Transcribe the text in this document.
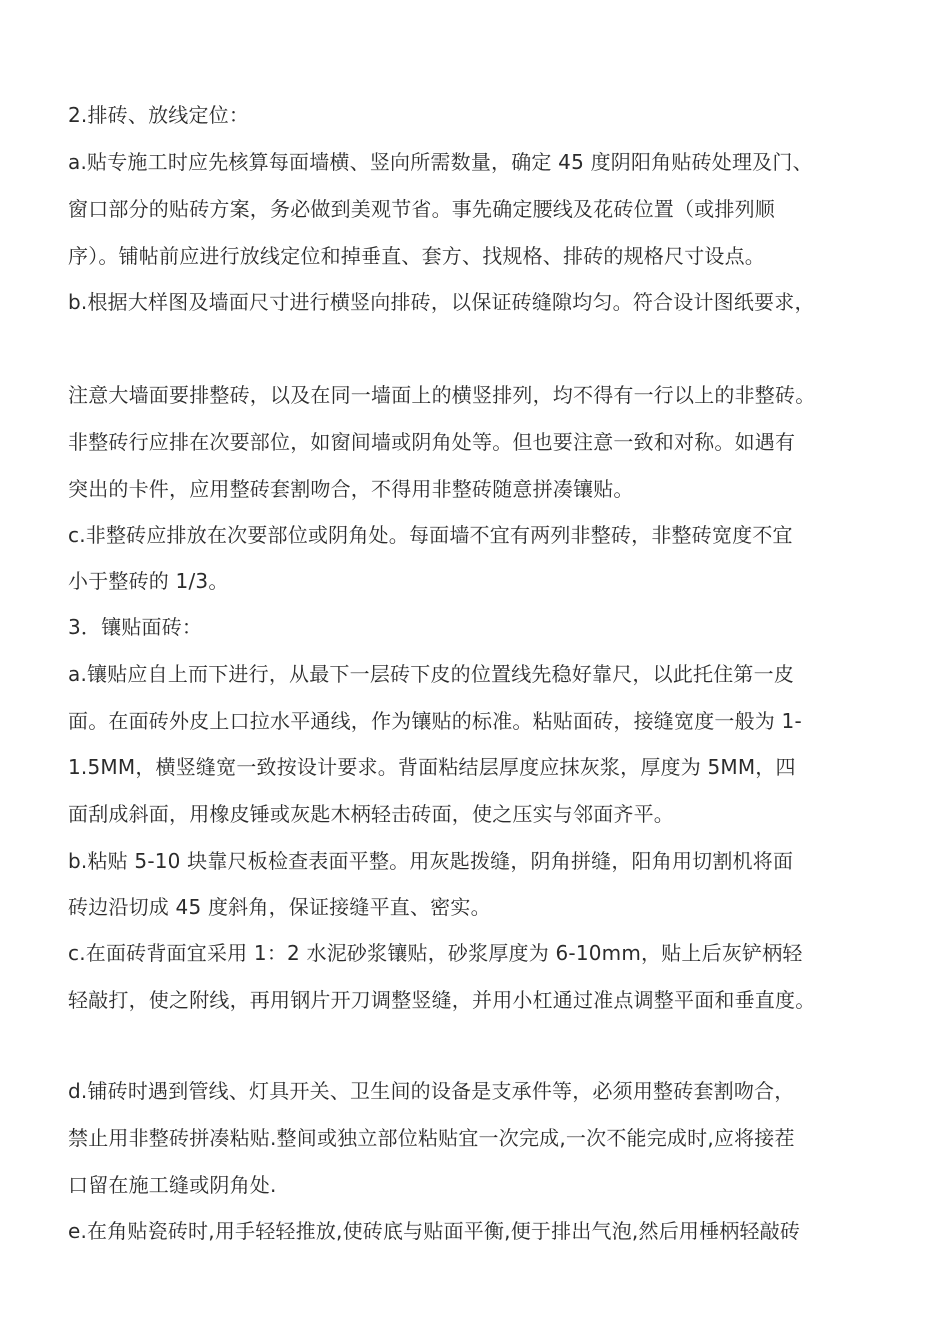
2.排砖、放线定位：
a.贴专施工时应先核算每面墙横、竖向所需数量，确定 45 度阴阳角贴砖处理及门、
窗口部分的贴砖方案，务必做到美观节省。事先确定腰线及花砖位置（或排列顺
序）。铺帖前应进行放线定位和掉垂直、套方、找规格、排砖的规格尺寸设点。
b.根据大样图及墙面尺寸进行横竖向排砖，以保证砖缝隙均匀。符合设计图纸要求，
注意大墙面要排整砖，以及在同一墙面上的横竖排列，均不得有一行以上的非整砖。
非整砖行应排在次要部位，如窗间墙或阴角处等。但也要注意一致和对称。如遇有
突出的卡件，应用整砖套割吻合，不得用非整砖随意拼凑镶贴。
c.非整砖应排放在次要部位或阴角处。每面墙不宜有两列非整砖，非整砖宽度不宜
小于整砖的 1/3。
3．镶贴面砖：
a.镶贴应自上而下进行，从最下一层砖下皮的位置线先稳好靠尺，以此托住第一皮
面。在面砖外皮上口拉水平通线，作为镶贴的标准。粘贴面砖，接缝宽度一般为 1-
1.5MM，横竖缝宽一致按设计要求。背面粘结层厚度应抹灰浆，厚度为 5MM，四
面刮成斜面，用橡皮锤或灰匙木柄轻击砖面，使之压实与邻面齐平。
b.粘贴 5-10 块靠尺板检查表面平整。用灰匙拨缝，阴角拼缝，阳角用切割机将面
砖边沿切成 45 度斜角，保证接缝平直、密实。
c.在面砖背面宜采用 1：2 水泥砂浆镶贴，砂浆厚度为 6-10mm，贴上后灰铲柄轻
轻敲打，使之附线，再用钢片开刀调整竖缝，并用小杠通过准点调整平面和垂直度。
d.铺砖时遇到管线、灯具开关、卫生间的设备是支承件等，必须用整砖套割吻合，
禁止用非整砖拼凑粘贴.整间或独立部位粘贴宜一次完成,一次不能完成时,应将接茬
口留在施工缝或阴角处.
e.在角贴瓷砖时,用手轻轻推放,使砖底与贴面平衡,便于排出气泡,然后用棰柄轻敲砖
